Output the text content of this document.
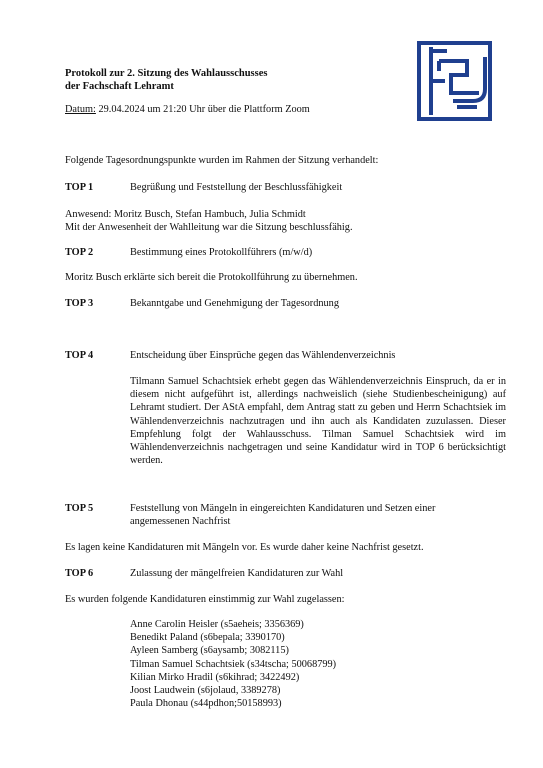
Protokoll zur 2. Sitzung des Wahlausschusses
der Fachschaft Lehramt
Datum: 29.04.2024 um 21:20 Uhr über die Plattform Zoom
Folgende Tagesordnungspunkte wurden im Rahmen der Sitzung verhandelt:
TOP 1	Begrüßung und Feststellung der Beschlussfähigkeit
Anwesend: Moritz Busch, Stefan Hambuch, Julia Schmidt
Mit der Anwesenheit der Wahlleitung war die Sitzung beschlussfähig.
TOP 2	Bestimmung eines Protokollführers (m/w/d)
Moritz Busch erklärte sich bereit die Protokollführung zu übernehmen.
TOP 3	Bekanntgabe und Genehmigung der Tagesordnung
TOP 4	Entscheidung über Einsprüche gegen das Wählendenverzeichnis
Tilmann Samuel Schachtsiek erhebt gegen das Wählendenverzeichnis Einspruch, da er in diesem nicht aufgeführt ist, allerdings nachweislich (siehe Studienbescheinigung) auf Lehramt studiert. Der AStA empfahl, dem Antrag statt zu geben und Herrn Schachtsiek im Wählendenverzeichnis nachzutragen und ihn auch als Kandidaten zuzulassen. Dieser Empfehlung folgt der Wahlausschuss. Tilman Samuel Schachtsiek wird im Wählendenverzeichnis nachgetragen und seine Kandidatur wird in TOP 6 berücksichtigt werden.
TOP 5	Feststellung von Mängeln in eingereichten Kandidaturen und Setzen einer
angemessenen Nachfrist
Es lagen keine Kandidaturen mit Mängeln vor. Es wurde daher keine Nachfrist gesetzt.
TOP 6	Zulassung der mängelfreien Kandidaturen zur Wahl
Es wurden folgende Kandidaturen einstimmig zur Wahl zugelassen:
Anne Carolin Heisler (s5aeheis; 3356369)
Benedikt Paland (s6bepala; 3390170)
Ayleen Samberg (s6aysamb; 3082115)
Tilman Samuel Schachtsiek (s34tscha; 50068799)
Kilian Mirko Hradil (s6kihrad; 3422492)
Joost Laudwein (s6jolaud, 3389278)
Paula Dhonau (s44pdhon;50158993)
